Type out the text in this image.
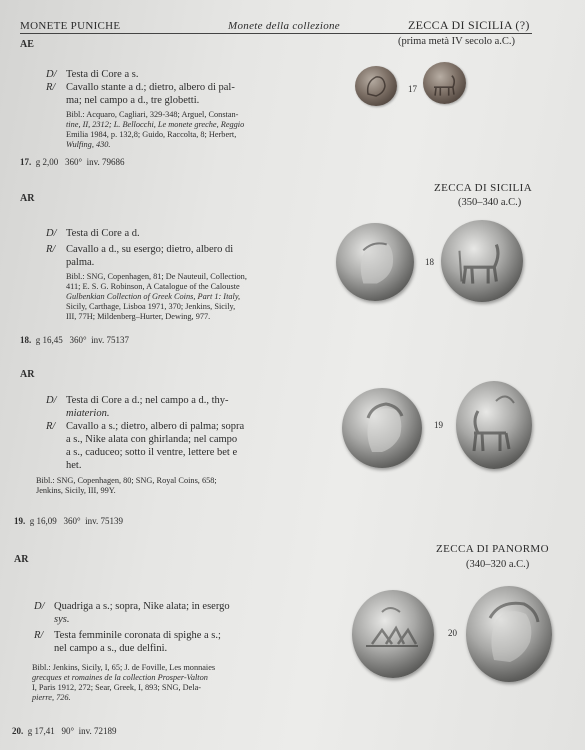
MONETE PUNICHE	Monete della collezione	ZECCA DI SICILIA (?)
(prima metà IV secolo a.C.)
AE
D/ Testa di Core a s.
R/ Cavallo stante a d.; dietro, albero di pal-
ma; nel campo a d., tre globetti.
Bibl.: Acquaro, Cagliari, 329-348; Arguel, Constan-
tine, II, 2312; L. Bellocchi, Le monete greche, Reggio
Emilia 1984, p. 132,8; Guido, Raccolta, 8; Herbert,
Wulfing, 430.
17. g 2,00 360° inv. 79686
17
AR
ZECCA DI SICILIA
(350–340 a.C.)
D/ Testa di Core a d.
R/ Cavallo a d., su esergo; dietro, albero di
palma.
Bibl.: SNG, Copenhagen, 81; De Nauteuil, Collection,
411; E. S. G. Robinson, A Catalogue of the Calouste
Gulbenkian Collection of Greek Coins, Part 1: Italy,
Sicily, Carthage, Lisboa 1971, 370; Jenkins, Sicily,
III, 77H; Mildenberg–Hurter, Dewing, 977.
18. g 16,45 360° inv. 75137
18
AR
D/ Testa di Core a d.; nel campo a d., thy-
miaterion.
R/ Cavallo a s.; dietro, albero di palma; sopra
a s., Nike alata con ghirlanda; nel campo
a s., caduceo; sotto il ventre, lettere bet e
het.
Bibl.: SNG, Copenhagen, 80; SNG, Royal Coins, 658;
Jenkins, Sicily, III, 99Y.
19. g 16,09 360° inv. 75139
19
AR
ZECCA DI PANORMO
(340–320 a.C.)
D/ Quadriga a s.; sopra, Nike alata; in esergo
sys.
R/ Testa femminile coronata di spighe a s.;
nel campo a s., due delfini.
Bibl.: Jenkins, Sicily, I, 65; J. de Foville, Les monnaies
grecques et romaines de la collection Prosper-Valton
I, Paris 1912, 272; Sear, Greek, I, 893; SNG, Dela-
pierre, 726.
20. g 17,41 90° inv. 72189
20
